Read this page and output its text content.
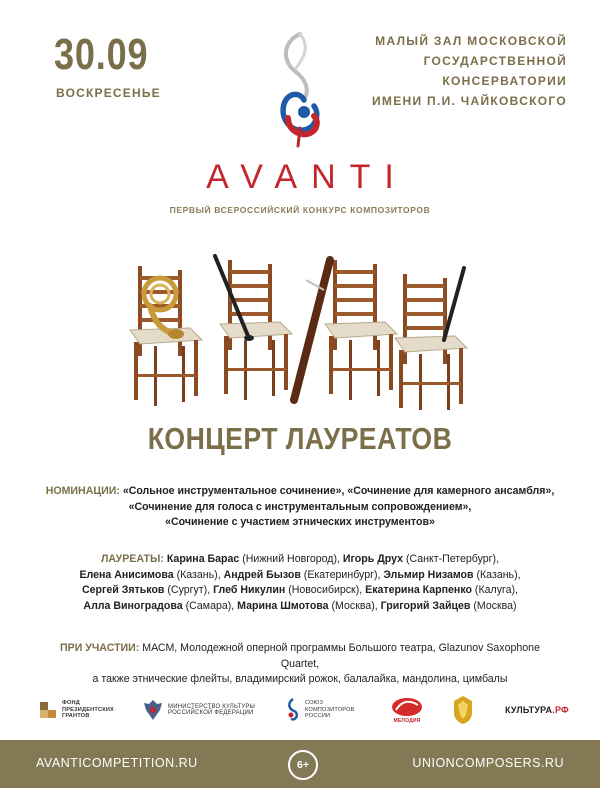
30.09
ВОСКРЕСЕНЬЕ
МАЛЫЙ ЗАЛ МОСКОВСКОЙ
ГОСУДАРСТВЕННОЙ
КОНСЕРВАТОРИИ
ИМЕНИ П.И. ЧАЙКОВСКОГО
AVANTI
ПЕРВЫЙ ВСЕРОССИЙСКИЙ КОНКУРС КОМПОЗИТОРОВ
КОНЦЕРТ ЛАУРЕАТОВ
НОМИНАЦИИ: «Сольное инструментальное сочинение», «Сочинение для камерного ансамбля»,
«Сочинение для голоса с инструментальным сопровождением»,
«Сочинение с участием этнических инструментов»
ЛАУРЕАТЫ: Карина Барас (Нижний Новгород), Игорь Друх (Санкт-Петербург),
Елена Анисимова (Казань), Андрей Бызов (Екатеринбург), Эльмир Низамов (Казань),
Сергей Зятьков (Сургут), Глеб Никулин (Новосибирск), Екатерина Карпенко (Калуга),
Алла Виноградова (Самара), Марина Шмотова (Москва), Григорий Зайцев (Москва)
ПРИ УЧАСТИИ: МАСМ, Молодежной оперной программы Большого театра, Glazunov Saxophone Quartet,
а также этнические флейты, владимирский рожок, балалайка, мандолина, цимбалы
ФОНД
ПРЕЗИДЕНТСКИХ
ГРАНТОВ
МИНИСТЕРСТВО КУЛЬТУРЫ
РОССИЙСКОЙ ФЕДЕРАЦИИ
СОЮЗ
КОМПОЗИТОРОВ
РОССИИ
МЕЛОДИЯ
КУЛЬТУРА.РФ
AVANTICOMPETITION.RU	6+	UNIONCOMPOSERS.RU
